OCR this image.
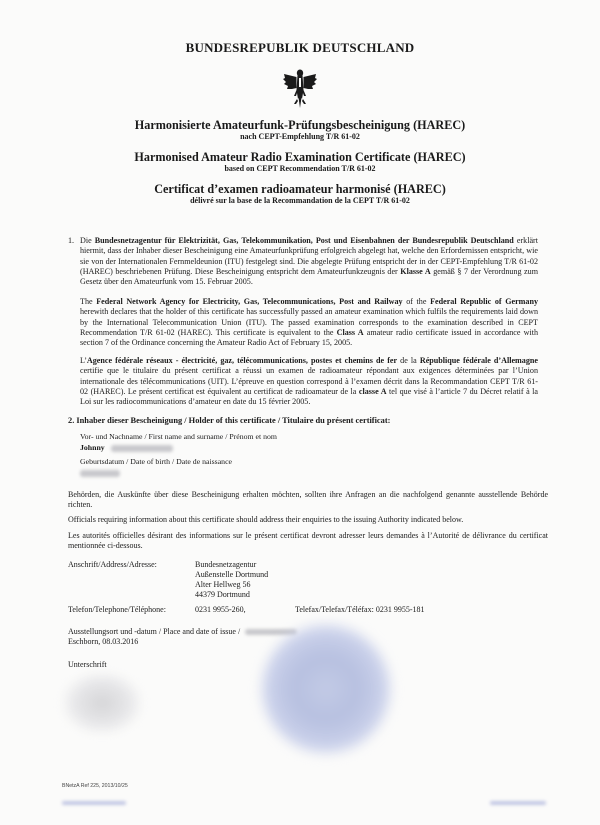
BUNDESREPUBLIK DEUTSCHLAND
Harmonisierte Amateurfunk-Prüfungsbescheinigung (HAREC)
nach CEPT-Empfehlung T/R 61-02
Harmonised Amateur Radio Examination Certificate (HAREC)
based on CEPT Recommendation T/R 61-02
Certificat d’examen radioamateur harmonisé (HAREC)
délivré sur la base de la Recommandation de la CEPT T/R 61-02
1. Die Bundesnetzagentur für Elektrizität, Gas, Telekommunikation, Post und Eisenbahnen der Bundesrepublik Deutschland erklärt hiermit, dass der Inhaber dieser Bescheinigung eine Amateurfunkprüfung erfolgreich abgelegt hat, welche den Erfordernissen entspricht, wie sie von der Internationalen Fernmeldeunion (ITU) festgelegt sind. Die abgelegte Prüfung entspricht der in der CEPT-Empfehlung T/R 61-02 (HAREC) beschriebenen Prüfung. Diese Bescheinigung entspricht dem Amateurfunkzeugnis der Klasse A gemäß § 7 der Verordnung zum Gesetz über den Amateurfunk vom 15. Februar 2005.

The Federal Network Agency for Electricity, Gas, Telecommunications, Post and Railway of the Federal Republic of Germany herewith declares that the holder of this certificate has successfully passed an amateur examination which fulfils the requirements laid down by the International Telecommunication Union (ITU). The passed examination corresponds to the examination described in CEPT Recommendation T/R 61-02 (HAREC). This certificate is equivalent to the Class A amateur radio certificate issued in accordance with section 7 of the Ordinance concerning the Amateur Radio Act of February 15, 2005.

L’Agence fédérale réseaux - électricité, gaz, télécommunications, postes et chemins de fer de la République fédérale d’Allemagne certifie que le titulaire du présent certificat a réussi un examen de radioamateur répondant aux exigences déterminées par l’Union internationale des télécommunications (UIT). L’épreuve en question correspond à l’examen décrit dans la Recommandation CEPT T/R 61-02 (HAREC). Le présent certificat est équivalent au certificat de radioamateur de la classe A tel que visé à l’article 7 du Décret relatif à la Loi sur les radiocommunications d’amateur en date du 15 février 2005.

2. Inhaber dieser Bescheinigung / Holder of this certificate / Titulaire du présent certificat:
Vor- und Nachname / First name and surname / Prénom et nom
Johnny
Geburtsdatum / Date of birth / Date de naissance
Behörden, die Auskünfte über diese Bescheinigung erhalten möchten, sollten ihre Anfragen an die nachfolgend genannte ausstellende Behörde richten.
Officials requiring information about this certificate should address their enquiries to the issuing Authority indicated below.
Les autorités officielles désirant des informations sur le présent certificat devront adresser leurs demandes à l’Autorité de délivrance du certificat mentionnée ci-dessous.
Anschrift/Address/Adresse:	Bundesnetzagentur
Außenstelle Dortmund
Alter Hellweg 56
44379 Dortmund
Telefon/Telephone/Téléphone:	0231 9955-260,	Telefax/Telefax/Téléfax: 0231 9955-181
Ausstellungsort und -datum / Place and date of issue /
Eschborn, 08.03.2016
Unterschrift
BNetzA Ref 225, 2013/10/25
